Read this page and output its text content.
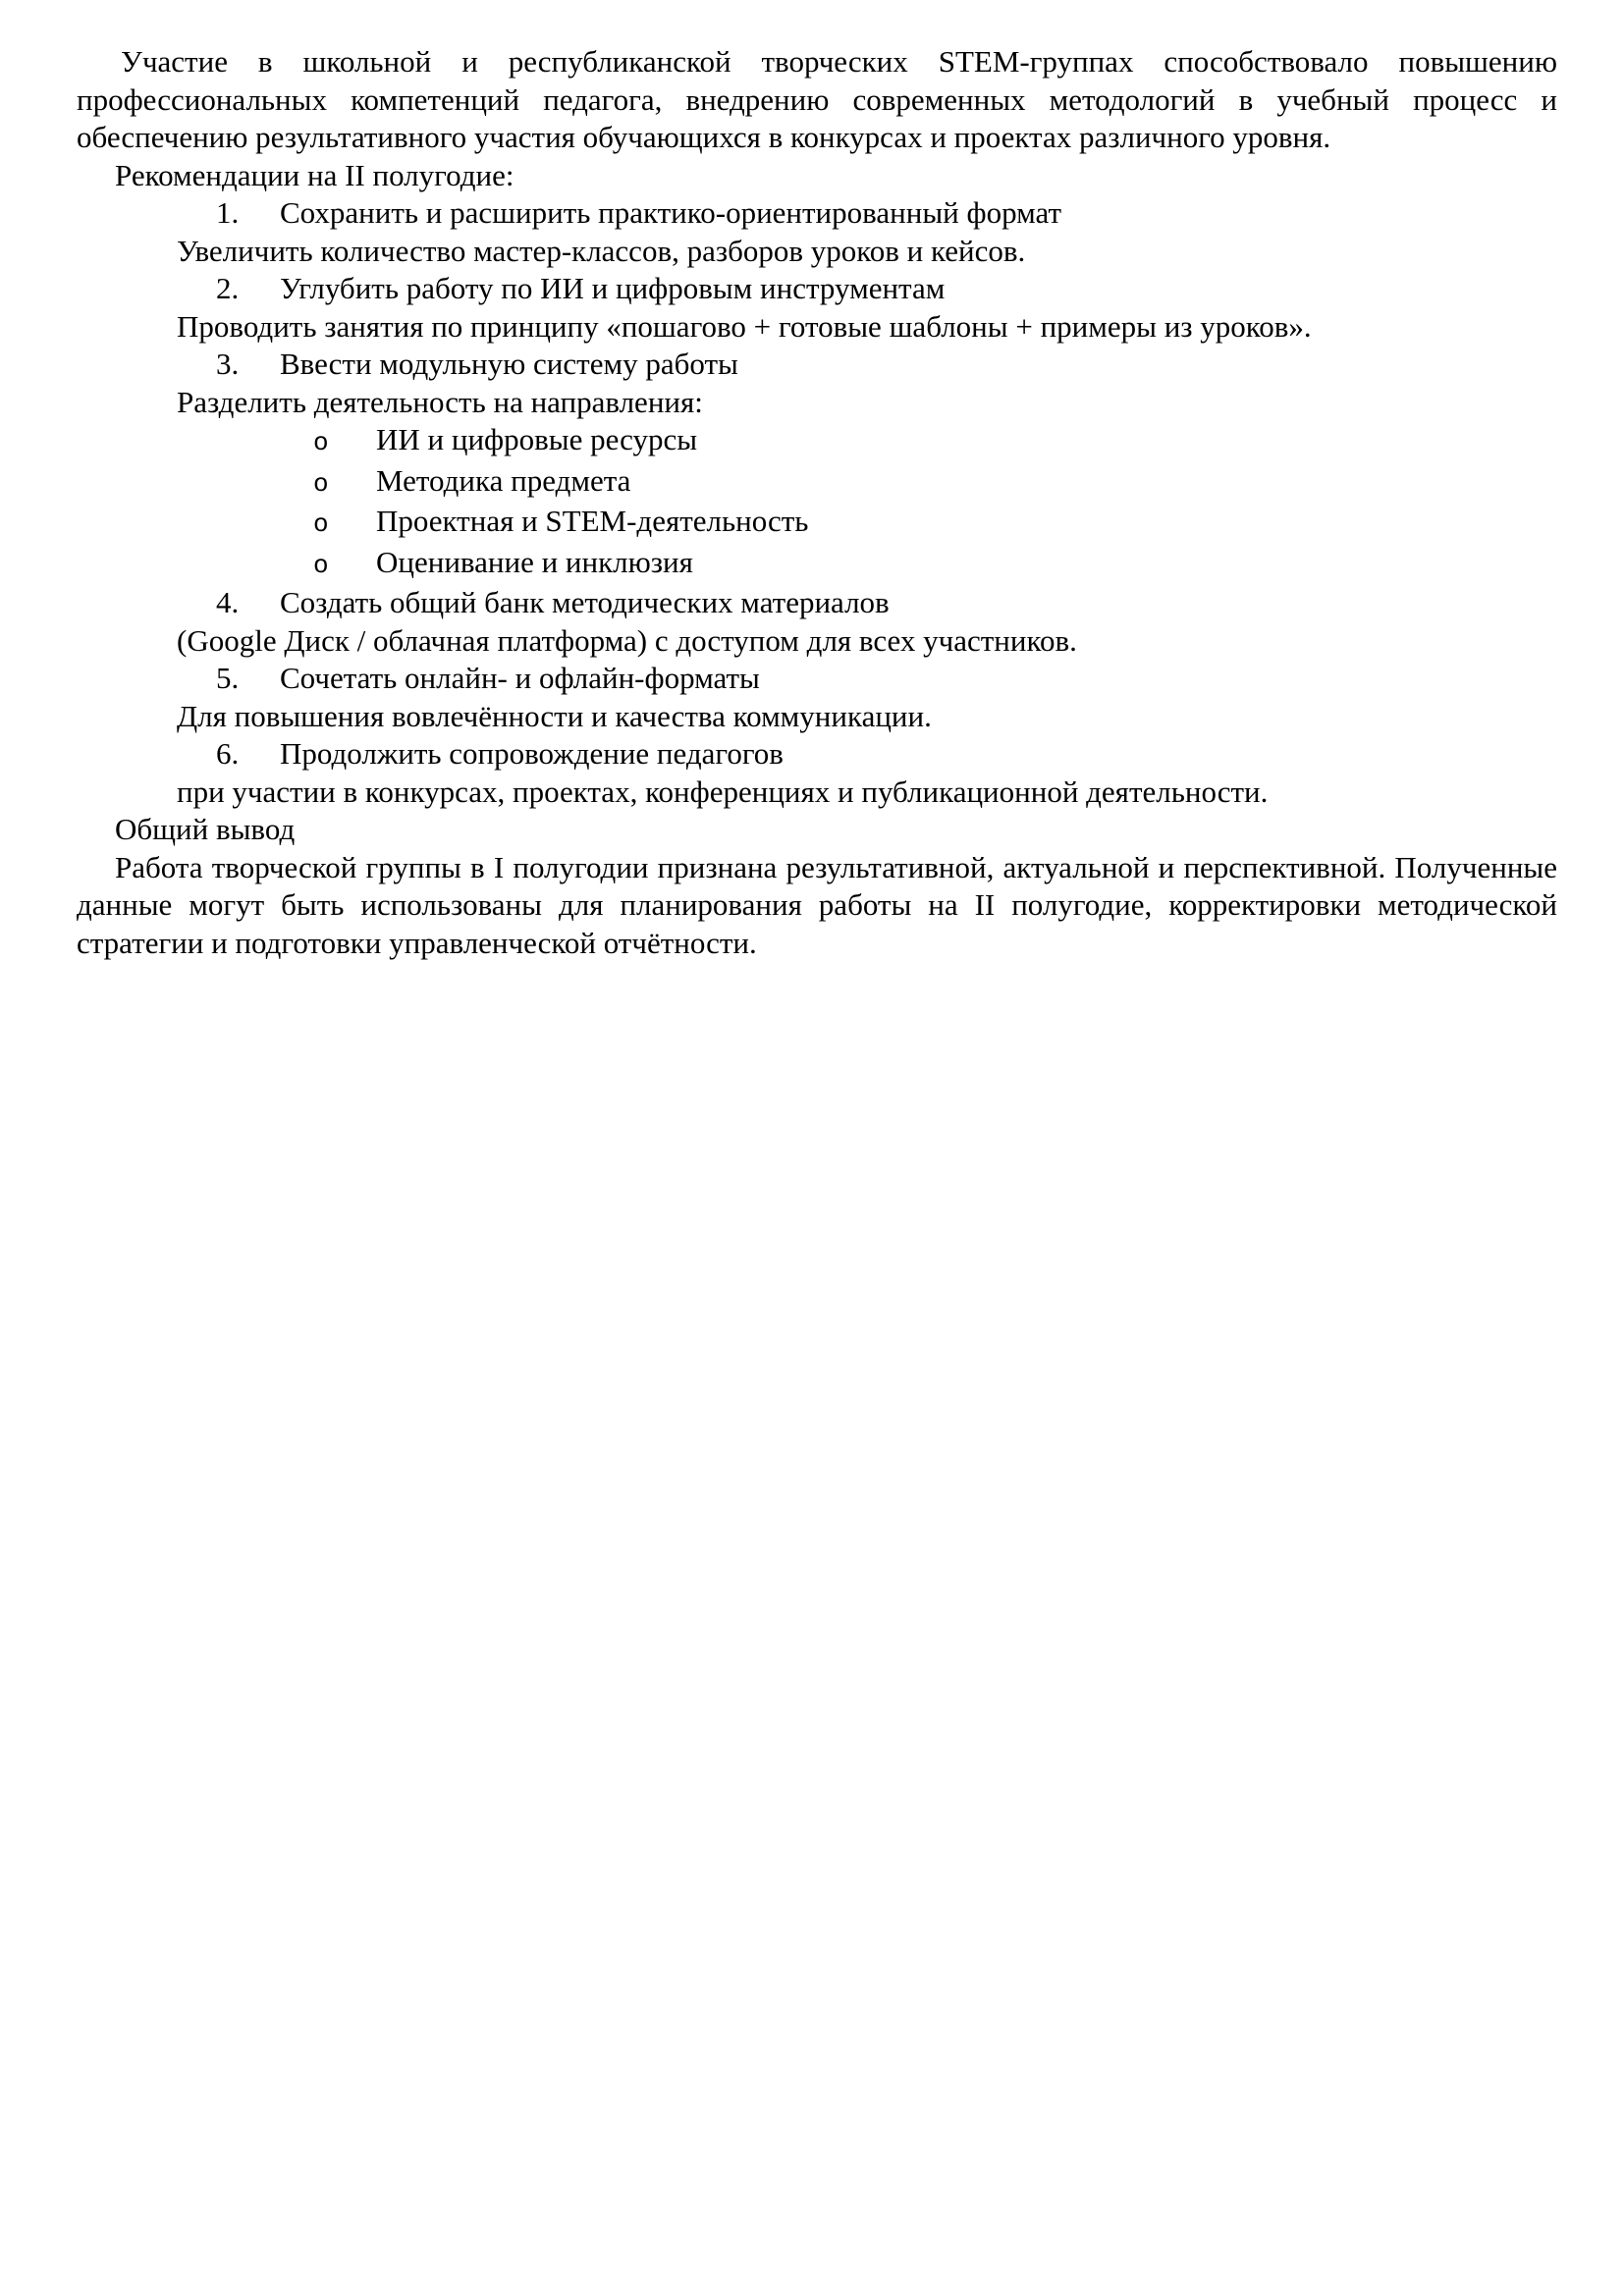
Участие в школьной и республиканской творческих STEM-группах способствовало повышению профессиональных компетенций педагога, внедрению современных методологий в учебный процесс и обеспечению результативного участия обучающихся в конкурсах и проектах различного уровня.

Рекомендации на II полугодие:

1. Сохранить и расширить практико-ориентированный формат

Увеличить количество мастер-классов, разборов уроков и кейсов.

2. Углубить работу по ИИ и цифровым инструментам

Проводить занятия по принципу «пошагово + готовые шаблоны + примеры из уроков».

3. Ввести модульную систему работы

Разделить деятельность на направления:

o ИИ и цифровые ресурсы

o Методика предмета

o Проектная и STEM-деятельность

o Оценивание и инклюзия

4. Создать общий банк методических материалов

(Google Диск / облачная платформа) с доступом для всех участников.

5. Сочетать онлайн- и офлайн-форматы

Для повышения вовлечённости и качества коммуникации.

6. Продолжить сопровождение педагогов

при участии в конкурсах, проектах, конференциях и публикационной деятельности.

Общий вывод

Работа творческой группы в I полугодии признана результативной, актуальной и перспективной. Полученные данные могут быть использованы для планирования работы на II полугодие, корректировки методической стратегии и подготовки управленческой отчётности.
